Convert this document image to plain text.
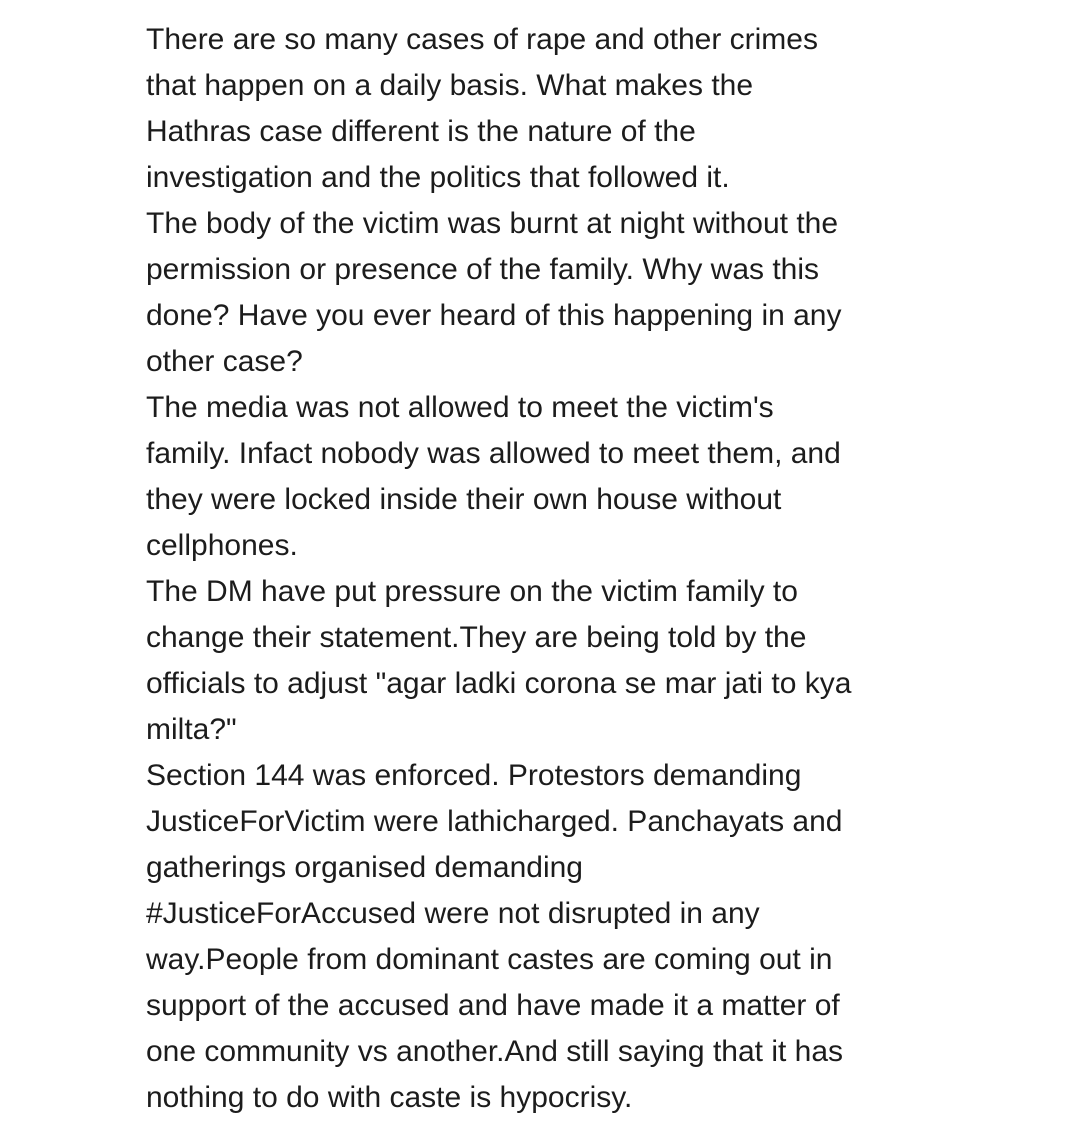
There are so many cases of rape and other crimes
that happen on a daily basis. What makes the
Hathras case different is the nature of the
investigation and the politics that followed it.
The body of the victim was burnt at night without the
permission or presence of the family. Why was this
done? Have you ever heard of this happening in any
other case?
The media was not allowed to meet the victim's
family. Infact nobody was allowed to meet them, and
they were locked inside their own house without
cellphones.
The DM have put pressure on the victim family to
change their statement.They are being told by the
officials to adjust "agar ladki corona se mar jati to kya
milta?"
Section 144 was enforced. Protestors demanding
JusticeForVictim were lathicharged. Panchayats and
gatherings organised demanding
#JusticeForAccused were not disrupted in any
way.People from dominant castes are coming out in
support of the accused and have made it a matter of
one community vs another.And still saying that it has
nothing to do with caste is hypocrisy.
